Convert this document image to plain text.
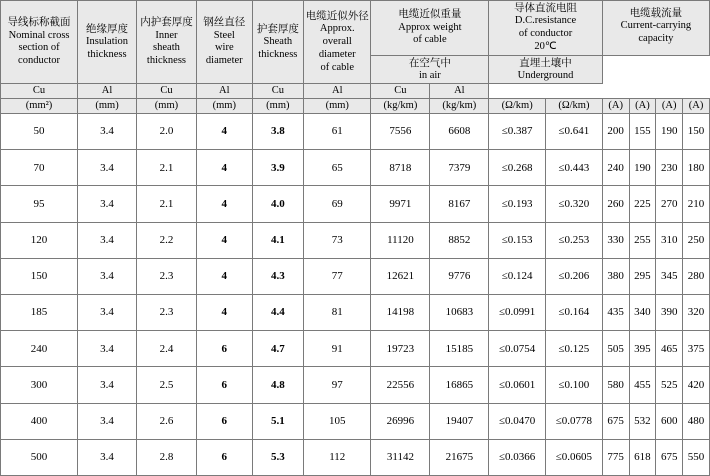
导线标称截面
Nominal cross
section of
conductor	绝缘厚度
Insulation
thickness	内护套厚度
Inner
sheath
thickness	钢丝直径
Steel
wire
diameter	护套厚度
Sheath
thickness	电缆近似外径
Approx.
overall
diameter
of cable	电缆近似重量
Approx weight
of cable		导体直流电阻
D.C.resistance
of conductor
20℃		电缆载流量
Current-carrying capacity			

						在空气中
in air		直埋土壤中
Underground					

Cu	Al	Cu	Al	Cu	Al	Cu	Al						
(mm²)	(mm)	(mm)	(mm)	(mm)	(mm)	(kg/km)	(kg/km)	(Ω/km)	(Ω/km)	(A)	(A)	(A)	(A)
50	3.4	2.0	4	3.8	61	7556	6608	≤0.387	≤0.641	200	155	190	150
70	3.4	2.1	4	3.9	65	8718	7379	≤0.268	≤0.443	240	190	230	180
95	3.4	2.1	4	4.0	69	9971	8167	≤0.193	≤0.320	260	225	270	210
120	3.4	2.2	4	4.1	73	11120	8852	≤0.153	≤0.253	330	255	310	250
150	3.4	2.3	4	4.3	77	12621	9776	≤0.124	≤0.206	380	295	345	280
185	3.4	2.3	4	4.4	81	14198	10683	≤0.0991	≤0.164	435	340	390	320
240	3.4	2.4	6	4.7	91	19723	15185	≤0.0754	≤0.125	505	395	465	375
300	3.4	2.5	6	4.8	97	22556	16865	≤0.0601	≤0.100	580	455	525	420
400	3.4	2.6	6	5.1	105	26996	19407	≤0.0470	≤0.0778	675	532	600	480
500	3.4	2.8	6	5.3	112	31142	21675	≤0.0366	≤0.0605	775	618	675	550
